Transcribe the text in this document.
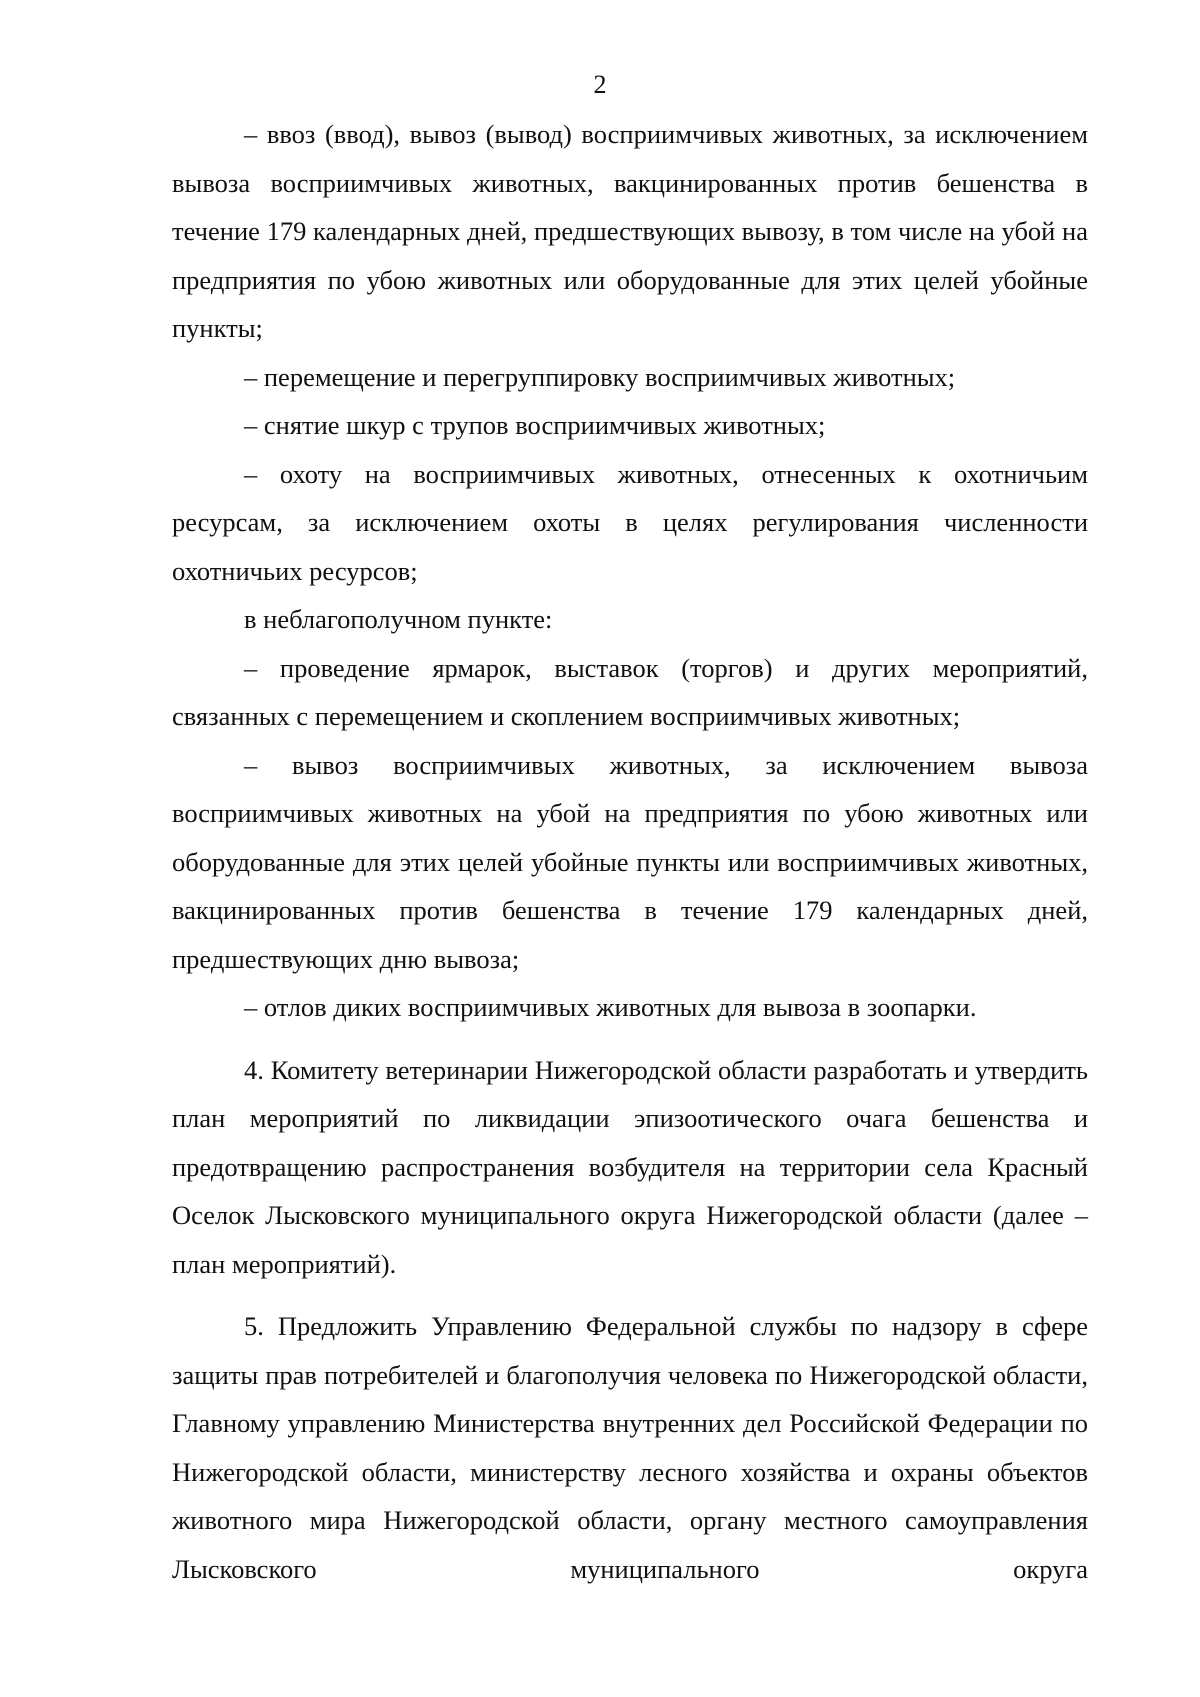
2

– ввоз (ввод), вывоз (вывод) восприимчивых животных, за исключением вывоза восприимчивых животных, вакцинированных против бешенства в течение 179 календарных дней, предшествующих вывозу, в том числе на убой на предприятия по убою животных или оборудованные для этих целей убойные пункты;

– перемещение и перегруппировку восприимчивых животных;

– снятие шкур с трупов восприимчивых животных;

– охоту на восприимчивых животных, отнесенных к охотничьим ресурсам, за исключением охоты в целях регулирования численности охотничьих ресурсов;

в неблагополучном пункте:

– проведение ярмарок, выставок (торгов) и других мероприятий, связанных с перемещением и скоплением восприимчивых животных;

– вывоз восприимчивых животных, за исключением вывоза восприимчивых животных на убой на предприятия по убою животных или оборудованные для этих целей убойные пункты или восприимчивых животных, вакцинированных против бешенства в течение 179 календарных дней, предшествующих дню вывоза;

– отлов диких восприимчивых животных для вывоза в зоопарки.

4. Комитету ветеринарии Нижегородской области разработать и утвердить план мероприятий по ликвидации эпизоотического очага бешенства и предотвращению распространения возбудителя на территории села Красный Оселок Лысковского муниципального округа Нижегородской области (далее – план мероприятий).

5. Предложить Управлению Федеральной службы по надзору в сфере защиты прав потребителей и благополучия человека по Нижегородской области, Главному управлению Министерства внутренних дел Российской Федерации по Нижегородской области, министерству лесного хозяйства и охраны объектов животного мира Нижегородской области, органу местного самоуправления Лысковского муниципального округа
